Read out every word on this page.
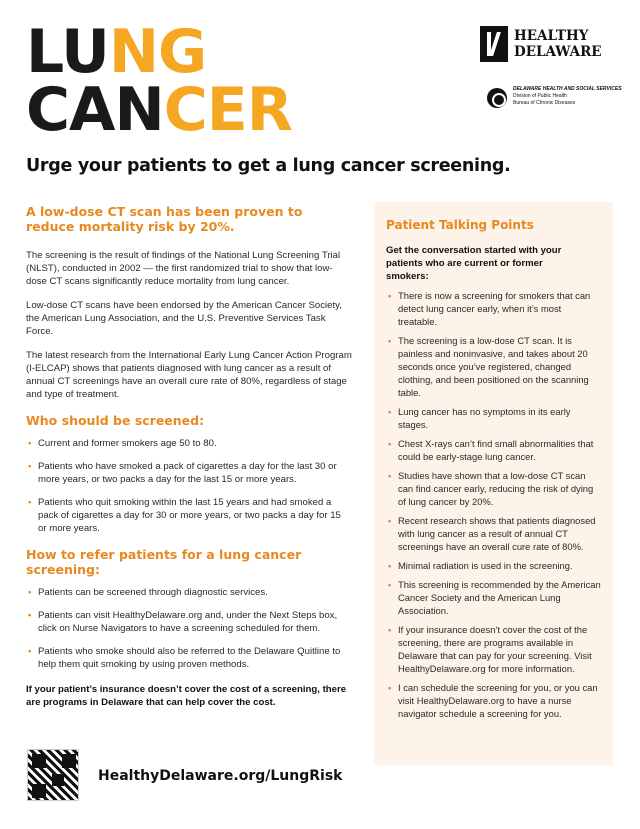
LUNG
CANCER
HEALTHY
DELAWARE
DELAWARE HEALTH AND SOCIAL SERVICES
Division of Public Health
Bureau of Chronic Diseases
Urge your patients to get a lung cancer screening.
A low-dose CT scan has been proven to reduce mortality risk by 20%.

The screening is the result of findings of the National Lung Screening Trial (NLST), conducted in 2002 — the first randomized trial to show that low-dose CT scans significantly reduce mortality from lung cancer.

Low-dose CT scans have been endorsed by the American Cancer Society, the American Lung Association, and the U.S. Preventive Services Task Force.

The latest research from the International Early Lung Cancer Action Program (I-ELCAP) shows that patients diagnosed with lung cancer as a result of annual CT screenings have an overall cure rate of 80%, regardless of stage and type of treatment.

Who should be screened:
• Current and former smokers age 50 to 80.
• Patients who have smoked a pack of cigarettes a day for the last 30 or more years, or two packs a day for the last 15 or more years.
• Patients who quit smoking within the last 15 years and had smoked a pack of cigarettes a day for 30 or more years, or two packs a day for 15 or more years.
How to refer patients for a lung cancer screening:
• Patients can be screened through diagnostic services.
• Patients can visit HealthyDelaware.org and, under the Next Steps box, click on Nurse Navigators to have a screening scheduled for them.
• Patients who smoke should also be referred to the Delaware Quitline to help them quit smoking by using proven methods.

If your patient’s insurance doesn’t cover the cost of a screening, there are programs in Delaware that can help cover the cost.

Patient Talking Points
Get the conversation started with your patients who are current or former smokers:
• There is now a screening for smokers that can detect lung cancer early, when it’s most treatable.
• The screening is a low-dose CT scan. It is painless and noninvasive, and takes about 20 seconds once you’ve registered, changed clothing, and been positioned on the scanning table.
• Lung cancer has no symptoms in its early stages.
• Chest X-rays can’t find small abnormalities that could be early-stage lung cancer.
• Studies have shown that a low-dose CT scan can find cancer early, reducing the risk of dying of lung cancer by 20%.
• Recent research shows that patients diagnosed with lung cancer as a result of annual CT screenings have an overall cure rate of 80%.
• Minimal radiation is used in the screening.
• This screening is recommended by the American Cancer Society and the American Lung Association.
• If your insurance doesn’t cover the cost of the screening, there are programs available in Delaware that can pay for your screening. Visit HealthyDelaware.org for more information.
• I can schedule the screening for you, or you can visit HealthyDelaware.org to have a nurse navigator schedule a screening for you.
HealthyDelaware.org/LungRisk
